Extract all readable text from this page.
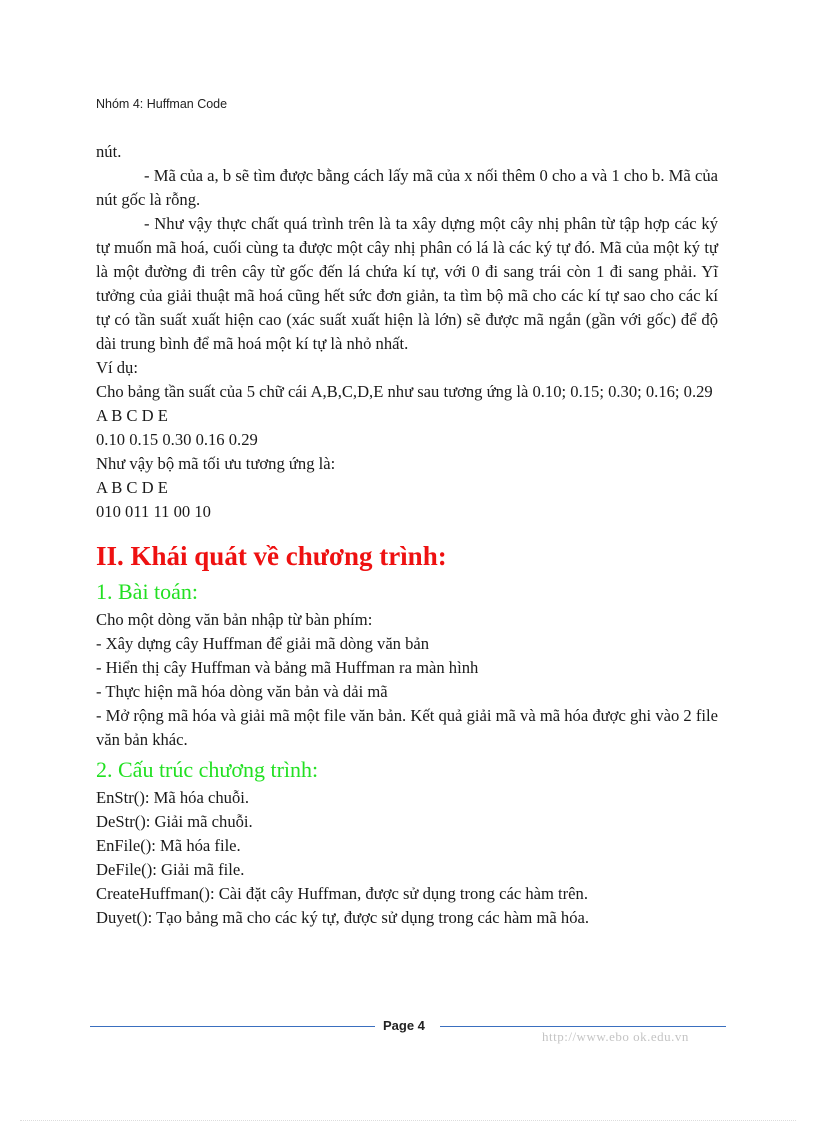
Nhóm 4: Huffman Code

nút.

- Mã của a, b sẽ tìm được bằng cách lấy mã của x nối thêm 0 cho a và 1 cho b. Mã của nút gốc là rỗng.

- Như vậy thực chất quá trình trên là ta xây dựng một cây nhị phân từ tập hợp các ký tự muốn mã hoá, cuối cùng ta được một cây nhị phân có lá là các ký tự đó. Mã của một ký tự là một đường đi trên cây từ gốc đến lá chứa kí tự, với 0 đi sang trái còn 1 đi sang phải. Yĩ tưởng của giải thuật mã hoá cũng hết sức đơn giản, ta tìm bộ mã cho các kí tự sao cho các kí tự có tần suất xuất hiện cao (xác suất xuất hiện là lớn) sẽ được mã ngắn (gần với gốc) để độ dài trung bình để mã hoá một kí tự là nhỏ nhất.

Ví dụ:

Cho bảng tần suất của 5 chữ cái A,B,C,D,E như sau tương ứng là 0.10; 0.15; 0.30; 0.16; 0.29

A B C D E

0.10 0.15 0.30 0.16 0.29

Như vậy bộ mã tối ưu tương ứng là:

A B C D E

010 011 11 00 10

II. Khái quát về chương trình:
1. Bài toán:

Cho một dòng văn bản nhập từ bàn phím:

- Xây dựng cây Huffman để giải mã dòng văn bản

- Hiển thị cây Huffman và bảng mã Huffman ra màn hình

- Thực hiện mã hóa dòng văn bản và dải mã

- Mở rộng mã hóa và giải mã một file văn bản. Kết quả giải mã và mã hóa được ghi vào 2 file văn bản khác.

2. Cấu trúc chương trình:

EnStr(): Mã hóa chuỗi.

DeStr(): Giải mã chuỗi.

EnFile(): Mã hóa file.

DeFile(): Giải mã file.

CreateHuffman(): Cài đặt cây Huffman, được sử dụng trong các hàm trên.

Duyet(): Tạo bảng mã cho các ký tự, được sử dụng trong các hàm mã hóa.

Page 4
http://www.ebo ok.edu.vn
